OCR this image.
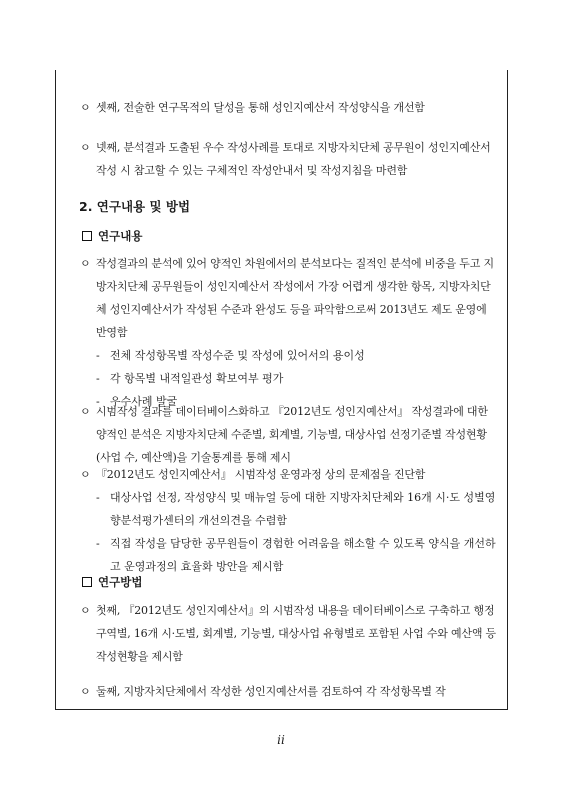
ㅇ 셋째, 전술한 연구목적의 달성을 통해 성인지예산서 작성양식을 개선함
ㅇ 넷째, 분석결과 도출된 우수 작성사례를 토대로 지방자치단체 공무원이 성인지예산서 작성 시 참고할 수 있는 구체적인 작성안내서 및 작성지침을 마련함
2. 연구내용 및 방법
연구내용
ㅇ 작성결과의 분석에 있어 양적인 차원에서의 분석보다는 질적인 분석에 비중을 두고 지방자치단체 공무원들이 성인지예산서 작성에서 가장 어렵게 생각한 항목, 지방자치단체 성인지예산서가 작성된 수준과 완성도 등을 파악함으로써 2013년도 제도 운영에 반영함
- 전체 작성항목별 작성수준 및 작성에 있어서의 용이성
- 각 항목별 내적일관성 확보여부 평가
- 우수사례 발굴
ㅇ 시범작성 결과를 데이터베이스화하고 『2012년도 성인지예산서』 작성결과에 대한 양적인 분석은 지방자치단체 수준별, 회계별, 기능별, 대상사업 선정기준별 작성현황(사업 수, 예산액)을 기술통계를 통해 제시
ㅇ 『2012년도 성인지예산서』 시범작성 운영과정 상의 문제점을 진단함
- 대상사업 선정, 작성양식 및 매뉴얼 등에 대한 지방자치단체와 16개 시·도 성별영향분석평가센터의 개선의견을 수렴함
- 직접 작성을 담당한 공무원들이 경험한 어려움을 해소할 수 있도록 양식을 개선하고 운영과정의 효율화 방안을 제시함
연구방법
ㅇ 첫째, 『2012년도 성인지예산서』의 시범작성 내용을 데이터베이스로 구축하고 행정구역별, 16개 시·도별, 회계별, 기능별, 대상사업 유형별로 포함된 사업 수와 예산액 등 작성현황을 제시함
ㅇ 둘째, 지방자치단체에서 작성한 성인지예산서를 검토하여 각 작성항목별 작
ii
